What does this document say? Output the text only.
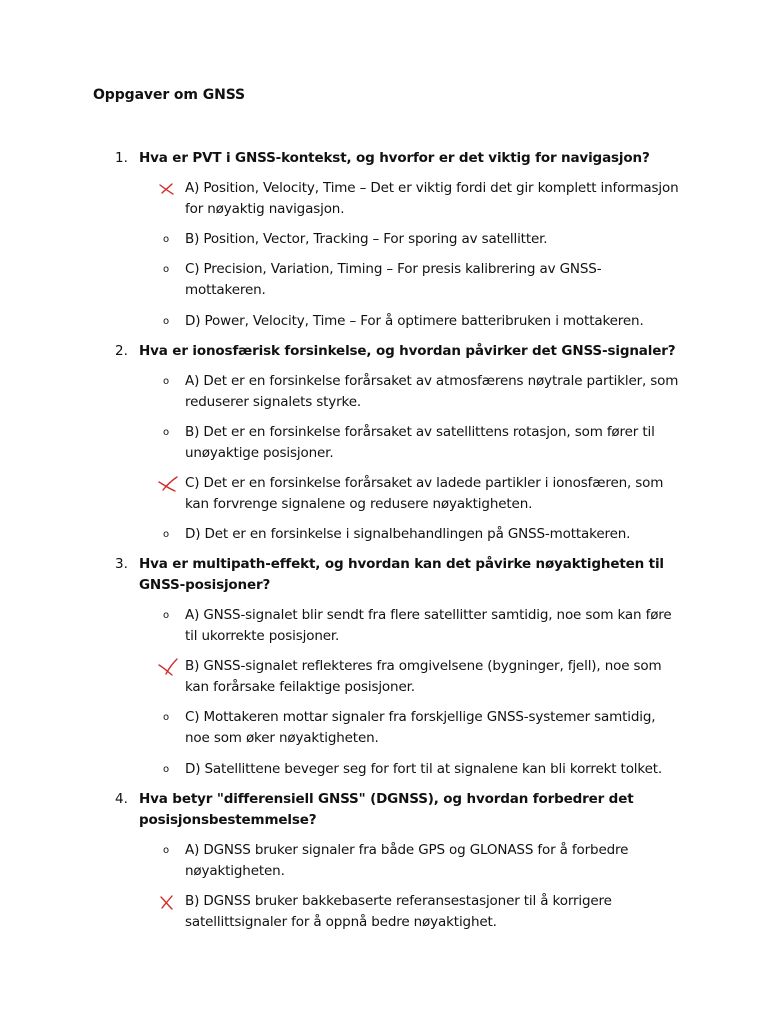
Oppgaver om GNSS
1. Hva er PVT i GNSS-kontekst, og hvorfor er det viktig for navigasjon?
A) Position, Velocity, Time – Det er viktig fordi det gir komplett informasjon for nøyaktig navigasjon.
o B) Position, Vector, Tracking – For sporing av satellitter.
o C) Precision, Variation, Timing – For presis kalibrering av GNSS-mottakeren.
o D) Power, Velocity, Time – For å optimere batteribruken i mottakeren.
2. Hva er ionosfærisk forsinkelse, og hvordan påvirker det GNSS-signaler?
o A) Det er en forsinkelse forårsaket av atmosfærens nøytrale partikler, som reduserer signalets styrke.
o B) Det er en forsinkelse forårsaket av satellittens rotasjon, som fører til unøyaktige posisjoner.
C) Det er en forsinkelse forårsaket av ladede partikler i ionosfæren, som kan forvrenge signalene og redusere nøyaktigheten.
o D) Det er en forsinkelse i signalbehandlingen på GNSS-mottakeren.
3. Hva er multipath-effekt, og hvordan kan det påvirke nøyaktigheten til GNSS-posisjoner?
o A) GNSS-signalet blir sendt fra flere satellitter samtidig, noe som kan føre til ukorrekte posisjoner.
B) GNSS-signalet reflekteres fra omgivelsene (bygninger, fjell), noe som kan forårsake feilaktige posisjoner.
o C) Mottakeren mottar signaler fra forskjellige GNSS-systemer samtidig, noe som øker nøyaktigheten.
o D) Satellittene beveger seg for fort til at signalene kan bli korrekt tolket.
4. Hva betyr "differensiell GNSS" (DGNSS), og hvordan forbedrer det posisjonsbestemmelse?
o A) DGNSS bruker signaler fra både GPS og GLONASS for å forbedre nøyaktigheten.
B) DGNSS bruker bakkebaserte referansestasjoner til å korrigere satellittsignaler for å oppnå bedre nøyaktighet.
